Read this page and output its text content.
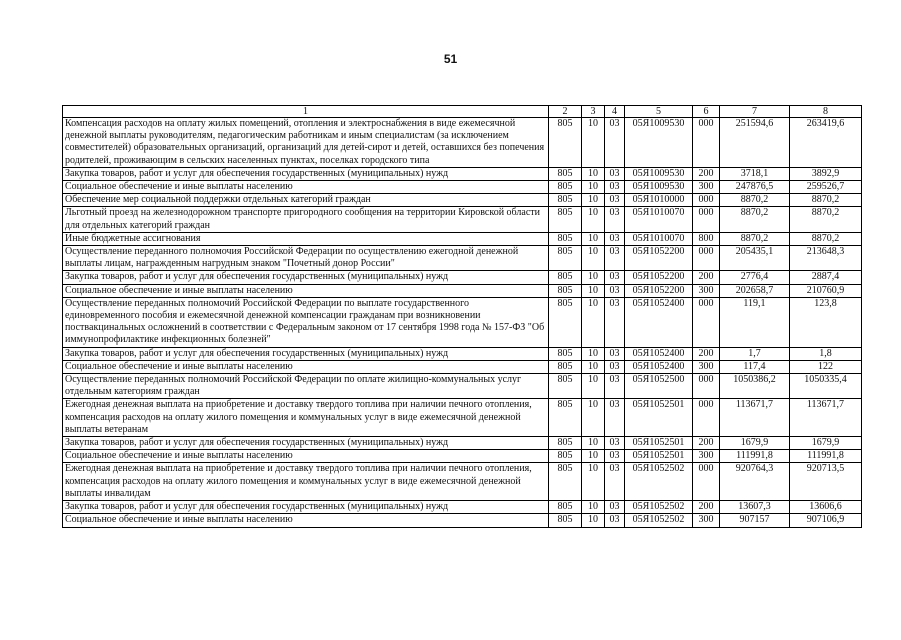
51
1	2	3	4	5	6	7	8
Компенсация расходов на оплату жилых помещений, отопления и электроснабжения в виде ежемесячной денежной выплаты руководителям, педагогическим работникам и иным специалистам (за исключением совместителей) образовательных организаций, организаций для детей-сирот и детей, оставшихся без попечения родителей, проживающим в сельских населенных пунктах, поселках городского типа	805	10	03	05Я1009530	000	251594,6	263419,6
Закупка товаров, работ и услуг для обеспечения государственных (муниципальных) нужд	805	10	03	05Я1009530	200	3718,1	3892,9
Социальное обеспечение и иные выплаты населению	805	10	03	05Я1009530	300	247876,5	259526,7
Обеспечение мер социальной поддержки отдельных категорий граждан	805	10	03	05Я1010000	000	8870,2	8870,2
Льготный проезд на железнодорожном транспорте пригородного сообщения на территории Кировской области для отдельных категорий граждан	805	10	03	05Я1010070	000	8870,2	8870,2
Иные бюджетные ассигнования	805	10	03	05Я1010070	800	8870,2	8870,2
Осуществление переданного полномочия Российской Федерации по осуществлению ежегодной денежной выплаты лицам, награжденным нагрудным знаком "Почетный донор России"	805	10	03	05Я1052200	000	205435,1	213648,3
Закупка товаров, работ и услуг для обеспечения государственных (муниципальных) нужд	805	10	03	05Я1052200	200	2776,4	2887,4
Социальное обеспечение и иные выплаты населению	805	10	03	05Я1052200	300	202658,7	210760,9
Осуществление переданных полномочий Российской Федерации по выплате государственного единовременного пособия и ежемесячной денежной компенсации гражданам при возникновении поствакцинальных осложнений в соответствии с Федеральным законом от 17 сентября 1998 года № 157-ФЗ "Об иммунопрофилактике инфекционных болезней"	805	10	03	05Я1052400	000	119,1	123,8
Закупка товаров, работ и услуг для обеспечения государственных (муниципальных) нужд	805	10	03	05Я1052400	200	1,7	1,8
Социальное обеспечение и иные выплаты населению	805	10	03	05Я1052400	300	117,4	122
Осуществление переданных полномочий Российской Федерации по оплате жилищно-коммунальных услуг отдельным категориям граждан	805	10	03	05Я1052500	000	1050386,2	1050335,4
Ежегодная денежная выплата на приобретение и доставку твердого топлива при наличии печного отопления, компенсация расходов на оплату жилого помещения и коммунальных услуг в виде ежемесячной денежной выплаты ветеранам	805	10	03	05Я1052501	000	113671,7	113671,7
Закупка товаров, работ и услуг для обеспечения государственных (муниципальных) нужд	805	10	03	05Я1052501	200	1679,9	1679,9
Социальное обеспечение и иные выплаты населению	805	10	03	05Я1052501	300	111991,8	111991,8
Ежегодная денежная выплата на приобретение и доставку твердого топлива при наличии печного отопления, компенсация расходов на оплату жилого помещения и коммунальных услуг в виде ежемесячной денежной выплаты инвалидам	805	10	03	05Я1052502	000	920764,3	920713,5
Закупка товаров, работ и услуг для обеспечения государственных (муниципальных) нужд	805	10	03	05Я1052502	200	13607,3	13606,6
Социальное обеспечение и иные выплаты населению	805	10	03	05Я1052502	300	907157	907106,9
